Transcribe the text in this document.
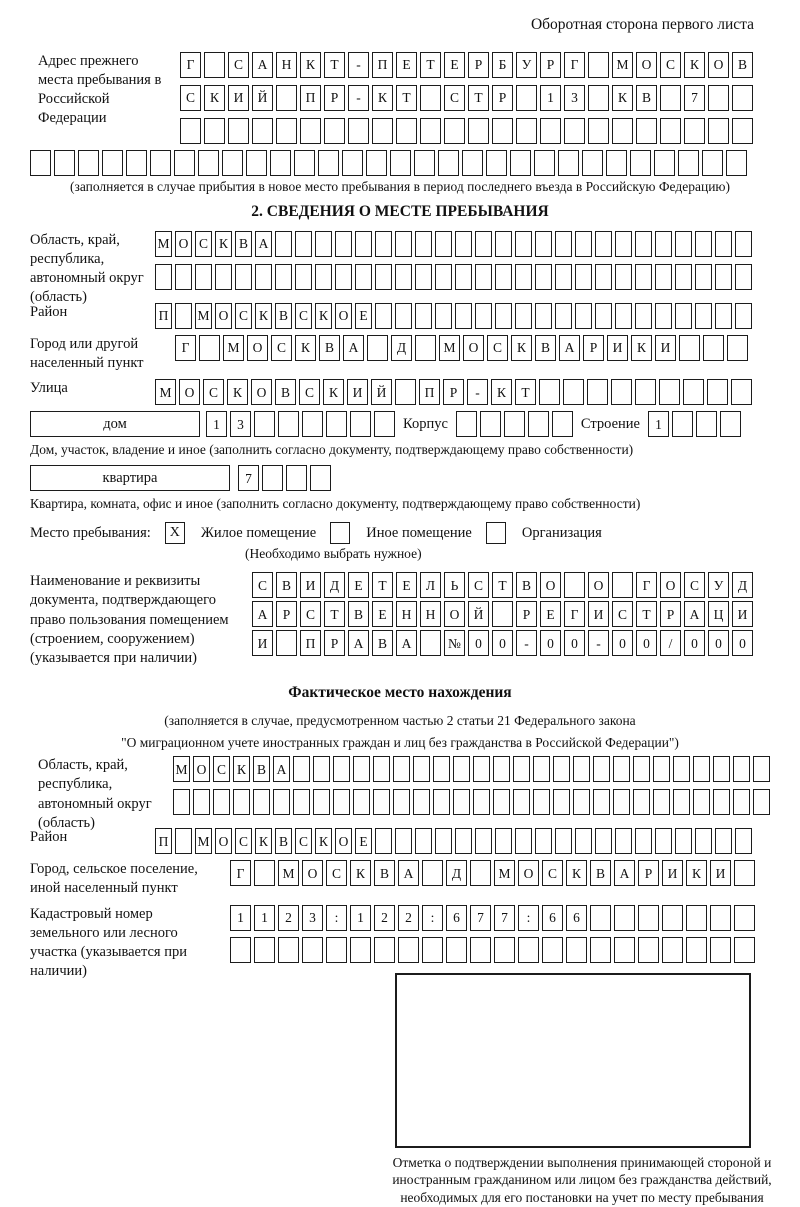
Оборотная сторона первого листа
Адрес прежнего места пребывания в Российской Федерации
Г	С	А	Н	К	Т	-	П	Е	Т	Е	Р	Б	У	Р	Г	М О	С	К	О	В
С	К	И	Й	П	Р	-	К	Т	С	Т	Р	1	3	К	В	7
(заполняется в случае прибытия в новое место пребывания в период последнего въезда в Российскую Федерацию)
2. СВЕДЕНИЯ О МЕСТЕ ПРЕБЫВАНИЯ
Область, край, республика, автономный округ (область)
М О С К В А
Район	П М О С К В С К О Е
Город или другой населенный пункт
Г	М О	С	К	В	А	Д	М О	С	К	В	А	Р	И	К	И
Улица	М О	С	К	О	В	С	К	И	Й	П	Р	-	К	Т
дом	1	3	Корпус	Строение	1
Дом, участок, владение и иное (заполнить согласно документу, подтверждающему право собственности)
квартира	7
Квартира, комната, офис и иное (заполнить согласно документу, подтверждающему право собственности)
Место пребывания:	X	Жилое помещение	Иное помещение	Организация
(Необходимо выбрать нужное)
Наименование и реквизиты документа, подтверждающего право пользования помещением (строением, сооружением) (указывается при наличии)
С	В	И	Д	Е	Т	Е	Л	Ь	С	Т	В	О	О	Г	О	С	У	Д
А	Р	С	Т	В	Е	Н	Н	О	Й	Р	Е	Г	И	С	Т	Р	А	Ц	И
И	П	Р	А	В	А	№	0	0	-	0	0	-	0	0	/	0	0	0
Фактическое место нахождения
(заполняется в случае, предусмотренном частью 2 статьи 21 Федерального закона
"О миграционном учете иностранных граждан и лиц без гражданства в Российской Федерации")
Область, край, республика, автономный округ (область)
М О С К В А
Район	П М О С К В С К О Е
Город, сельское поселение, иной населенный пункт
Г	М О	С	К	В	А	Д	М О	С	К	В	А	Р	И	К	И
Кадастровый номер земельного или лесного участка (указывается при наличии)
1	1	2	3	:	1	2	2	:	6	7	7	:	6	6
Отметка о подтверждении выполнения принимающей стороной и иностранным гражданином или лицом без гражданства действий, необходимых для его постановки на учет по месту пребывания
